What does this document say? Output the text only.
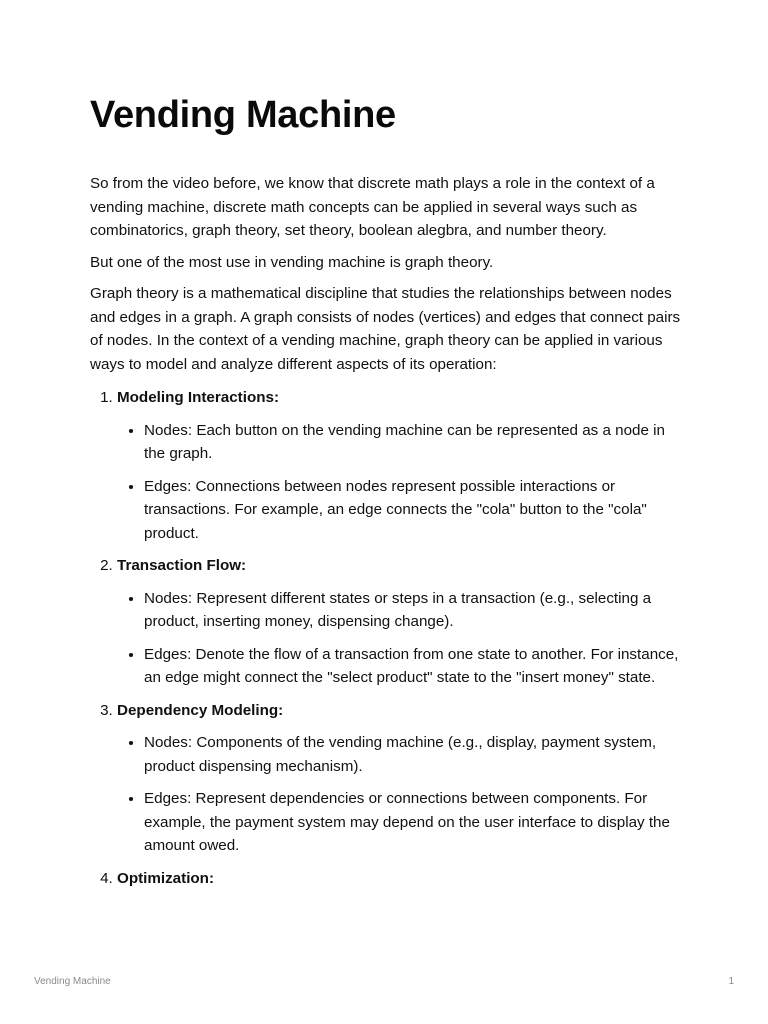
Vending Machine

So from the video before, we know that discrete math plays a role in the context of a vending machine, discrete math concepts can be applied in several ways such as combinatorics, graph theory, set theory, boolean alegbra, and number theory.

But one of the most use in vending machine is graph theory.

Graph theory is a mathematical discipline that studies the relationships between nodes and edges in a graph. A graph consists of nodes (vertices) and edges that connect pairs of nodes. In the context of a vending machine, graph theory can be applied in various ways to model and analyze different aspects of its operation:

1. Modeling Interactions:
• Nodes: Each button on the vending machine can be represented as a node in the graph.
• Edges: Connections between nodes represent possible interactions or transactions. For example, an edge connects the "cola" button to the "cola" product.
2. Transaction Flow:
• Nodes: Represent different states or steps in a transaction (e.g., selecting a product, inserting money, dispensing change).
• Edges: Denote the flow of a transaction from one state to another. For instance, an edge might connect the "select product" state to the "insert money" state.
3. Dependency Modeling:
• Nodes: Components of the vending machine (e.g., display, payment system, product dispensing mechanism).
• Edges: Represent dependencies or connections between components. For example, the payment system may depend on the user interface to display the amount owed.
4. Optimization:
Vending Machine	1
